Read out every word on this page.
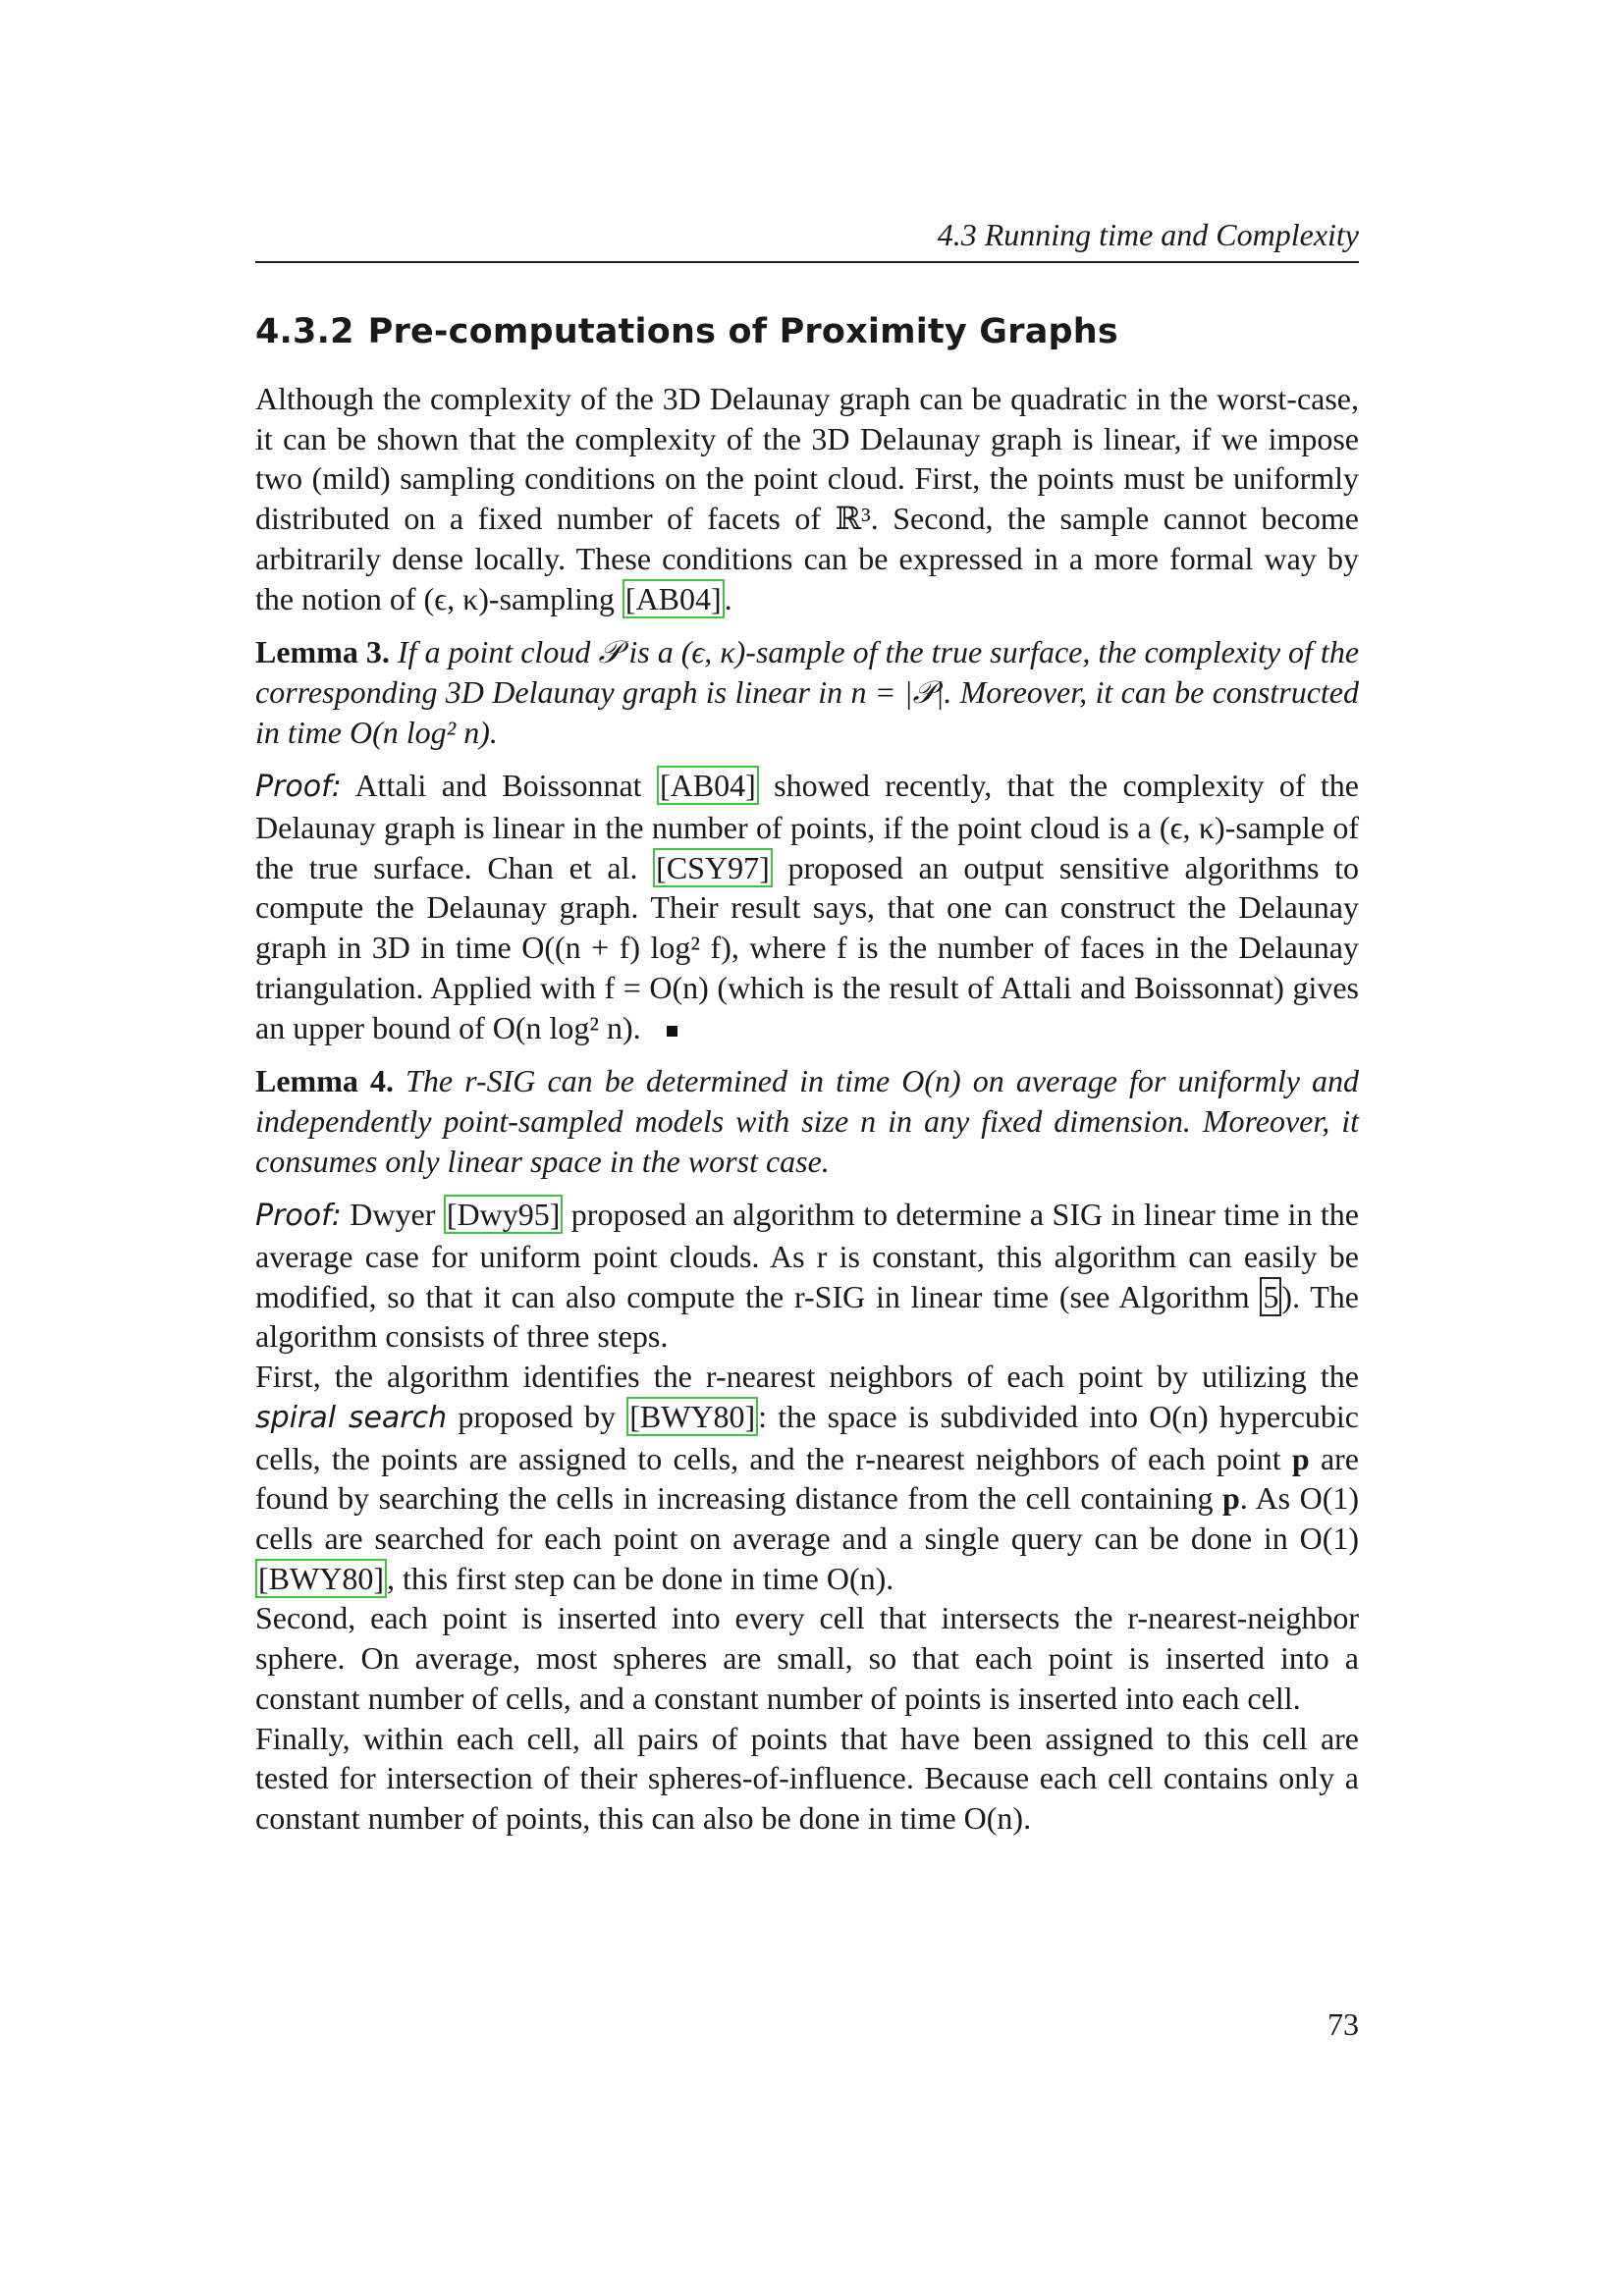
4.3 Running time and Complexity
4.3.2 Pre-computations of Proximity Graphs

Although the complexity of the 3D Delaunay graph can be quadratic in the worst-case, it can be shown that the complexity of the 3D Delaunay graph is linear, if we impose two (mild) sampling conditions on the point cloud. First, the points must be uniformly distributed on a fixed number of facets of ℝ³. Second, the sample cannot become arbitrarily dense locally. These conditions can be expressed in a more formal way by the notion of (ϵ, κ)-sampling [AB04].

Lemma 3. If a point cloud 𝒫 is a (ϵ, κ)-sample of the true surface, the complexity of the corresponding 3D Delaunay graph is linear in n = |𝒫|. Moreover, it can be constructed in time O(n log² n).

Proof: Attali and Boissonnat [AB04] showed recently, that the complexity of the Delaunay graph is linear in the number of points, if the point cloud is a (ϵ, κ)-sample of the true surface. Chan et al. [CSY97] proposed an output sensitive algorithms to compute the Delaunay graph. Their result says, that one can construct the Delaunay graph in 3D in time O((n + f) log² f), where f is the number of faces in the Delaunay triangulation. Applied with f = O(n) (which is the result of Attali and Boissonnat) gives an upper bound of O(n log² n).

Lemma 4. The r-SIG can be determined in time O(n) on average for uniformly and independently point-sampled models with size n in any fixed dimension. Moreover, it consumes only linear space in the worst case.

Proof: Dwyer [Dwy95] proposed an algorithm to determine a SIG in linear time in the average case for uniform point clouds. As r is constant, this algorithm can easily be modified, so that it can also compute the r-SIG in linear time (see Algorithm 5). The algorithm consists of three steps.

First, the algorithm identifies the r-nearest neighbors of each point by utilizing the spiral search proposed by [BWY80]: the space is subdivided into O(n) hypercubic cells, the points are assigned to cells, and the r-nearest neighbors of each point p are found by searching the cells in increasing distance from the cell containing p. As O(1) cells are searched for each point on average and a single query can be done in O(1) [BWY80], this first step can be done in time O(n).

Second, each point is inserted into every cell that intersects the r-nearest-neighbor sphere. On average, most spheres are small, so that each point is inserted into a constant number of cells, and a constant number of points is inserted into each cell.

Finally, within each cell, all pairs of points that have been assigned to this cell are tested for intersection of their spheres-of-influence. Because each cell contains only a constant number of points, this can also be done in time O(n).

73
